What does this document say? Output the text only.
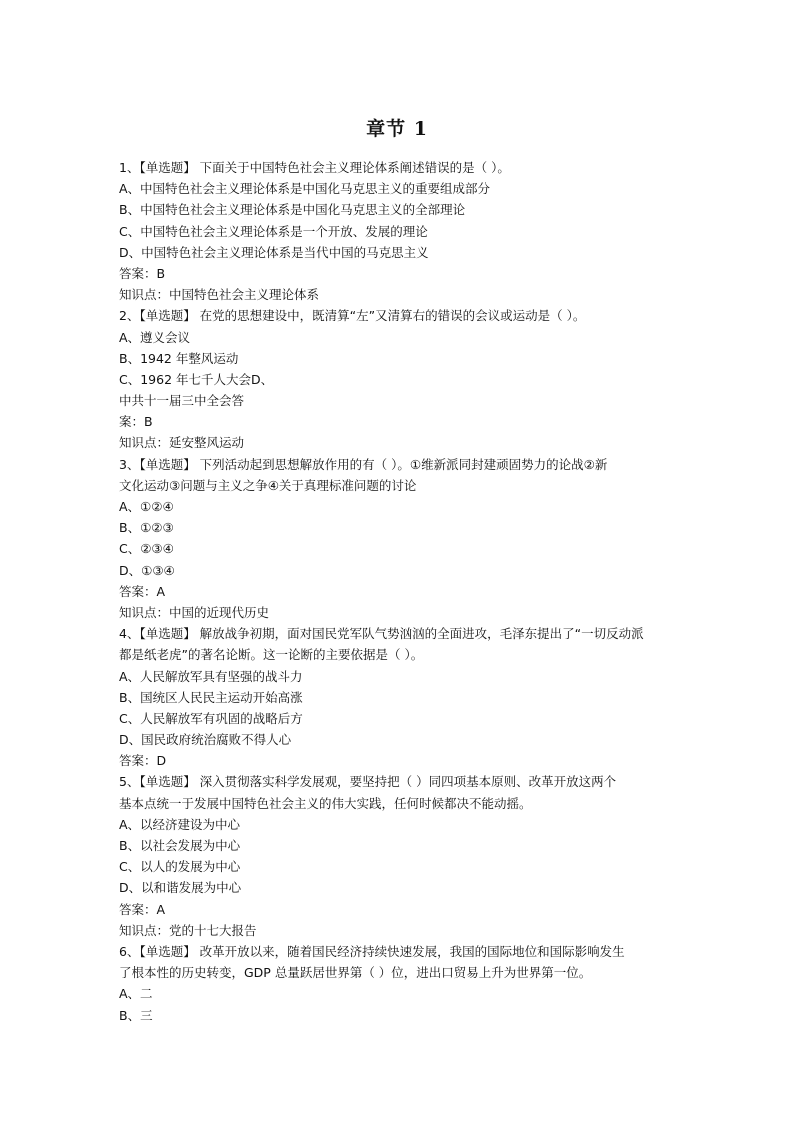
章节 1
1、【单选题】 下面关于中国特色社会主义理论体系阐述错误的是（ ）。
A、中国特色社会主义理论体系是中国化马克思主义的重要组成部分
B、中国特色社会主义理论体系是中国化马克思主义的全部理论
C、中国特色社会主义理论体系是一个开放、发展的理论
D、中国特色社会主义理论体系是当代中国的马克思主义
答案：B
知识点：中国特色社会主义理论体系
2、【单选题】 在党的思想建设中，既清算“左”又清算右的错误的会议或运动是（ ）。
A、遵义会议
B、1942 年整风运动
C、1962 年七千人大会D、
中共十一届三中全会答
案：B
知识点：延安整风运动
3、【单选题】 下列活动起到思想解放作用的有（ ）。①维新派同封建顽固势力的论战②新
文化运动③问题与主义之争④关于真理标准问题的讨论
A、①②④
B、①②③
C、②③④
D、①③④
答案：A
知识点：中国的近现代历史
4、【单选题】 解放战争初期，面对国民党军队气势汹汹的全面进攻，毛泽东提出了“一切反动派
都是纸老虎”的著名论断。这一论断的主要依据是（ ）。
A、人民解放军具有坚强的战斗力
B、国统区人民民主运动开始高涨
C、人民解放军有巩固的战略后方
D、国民政府统治腐败不得人心
答案：D
5、【单选题】 深入贯彻落实科学发展观，要坚持把（ ）同四项基本原则、改革开放这两个
基本点统一于发展中国特色社会主义的伟大实践，任何时候都决不能动摇。
A、以经济建设为中心
B、以社会发展为中心
C、以人的发展为中心
D、以和谐发展为中心
答案：A
知识点：党的十七大报告
6、【单选题】 改革开放以来，随着国民经济持续快速发展，我国的国际地位和国际影响发生
了根本性的历史转变，GDP 总量跃居世界第（ ）位，进出口贸易上升为世界第一位。
A、二
B、三
